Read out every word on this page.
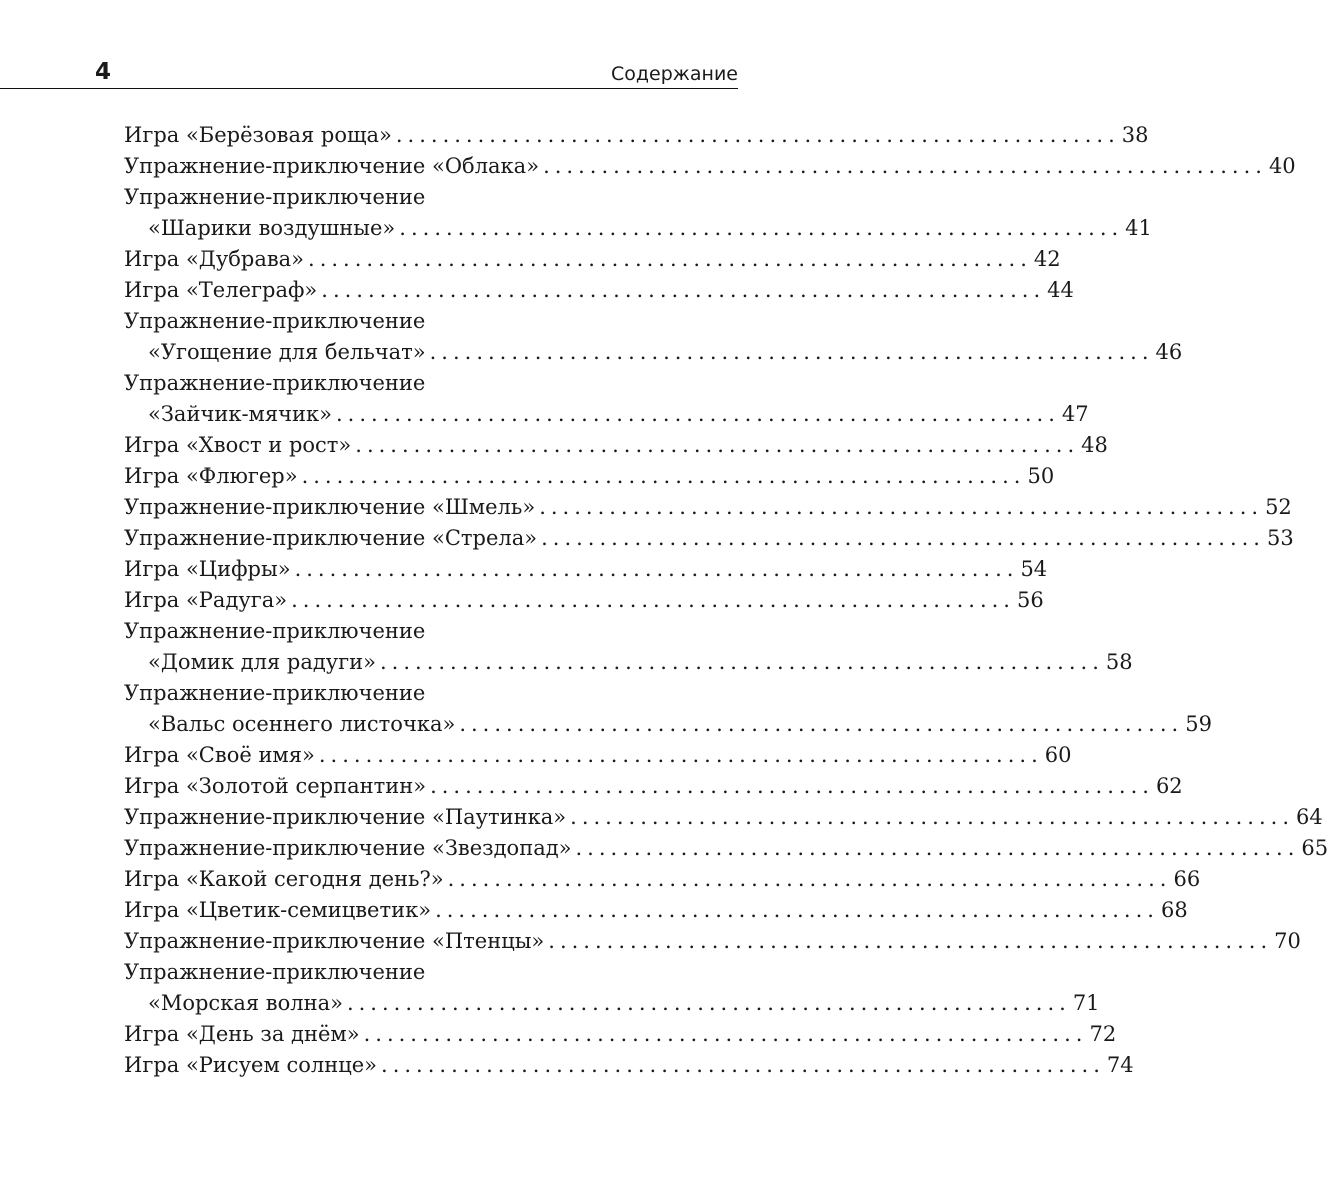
4	Содержание
Игра «Берёзовая роща» .............................................................. 38
Упражнение-приключение «Облака» .............................................................. 40
Упражнение-приключение
«Шарики воздушные» .............................................................. 41
Игра «Дубрава» .............................................................. 42
Игра «Телеграф» .............................................................. 44
Упражнение-приключение
«Угощение для бельчат» .............................................................. 46
Упражнение-приключение
«Зайчик-мячик» .............................................................. 47
Игра «Хвост и рост» .............................................................. 48
Игра «Флюгер» .............................................................. 50
Упражнение-приключение «Шмель» .............................................................. 52
Упражнение-приключение «Стрела» .............................................................. 53
Игра «Цифры» .............................................................. 54
Игра «Радуга» .............................................................. 56
Упражнение-приключение
«Домик для радуги» .............................................................. 58
Упражнение-приключение
«Вальс осеннего листочка» .............................................................. 59
Игра «Своё имя» .............................................................. 60
Игра «Золотой серпантин» .............................................................. 62
Упражнение-приключение «Паутинка» .............................................................. 64
Упражнение-приключение «Звездопад» .............................................................. 65
Игра «Какой сегодня день?» .............................................................. 66
Игра «Цветик-семицветик» .............................................................. 68
Упражнение-приключение «Птенцы» .............................................................. 70
Упражнение-приключение
«Морская волна» .............................................................. 71
Игра «День за днём» .............................................................. 72
Игра «Рисуем солнце» .............................................................. 74
